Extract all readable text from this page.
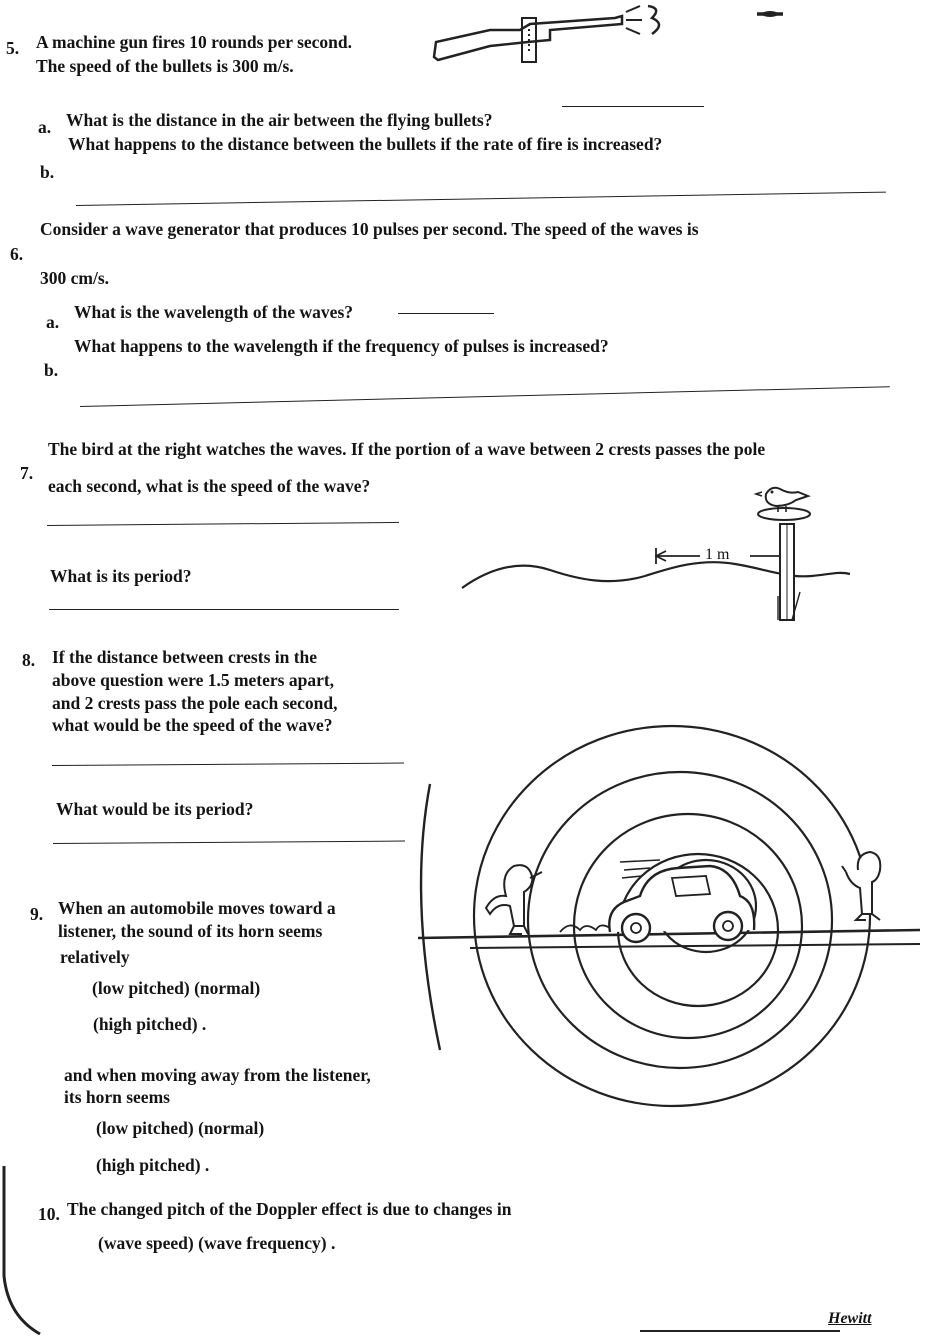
5. A machine gun fires 10 rounds per second.
The speed of the bullets is 300 m/s.
a. What is the distance in the air between the flying bullets?
b.
What happens to the distance between the bullets if the rate of fire is increased?
6.
Consider a wave generator that produces 10 pulses per second. The speed of the waves is
300 cm/s.
a. What is the wavelength of the waves?
b.
What happens to the wavelength if the frequency of pulses is increased?
7.
The bird at the right watches the waves. If the portion of a wave between 2 crests passes the pole
each second, what is the speed of the wave?
What is its period?
1 m
8. If the distance between crests in the
above question were 1.5 meters apart,
and 2 crests pass the pole each second,
what would be the speed of the wave?
What would be its period?
9. When an automobile moves toward a
listener, the sound of its horn seems
relatively
(low pitched) (normal)
(high pitched) .
and when moving away from the listener,
its horn seems
(low pitched) (normal)
(high pitched) .
10. The changed pitch of the Doppler effect is due to changes in
(wave speed) (wave frequency) .
Hewitt
